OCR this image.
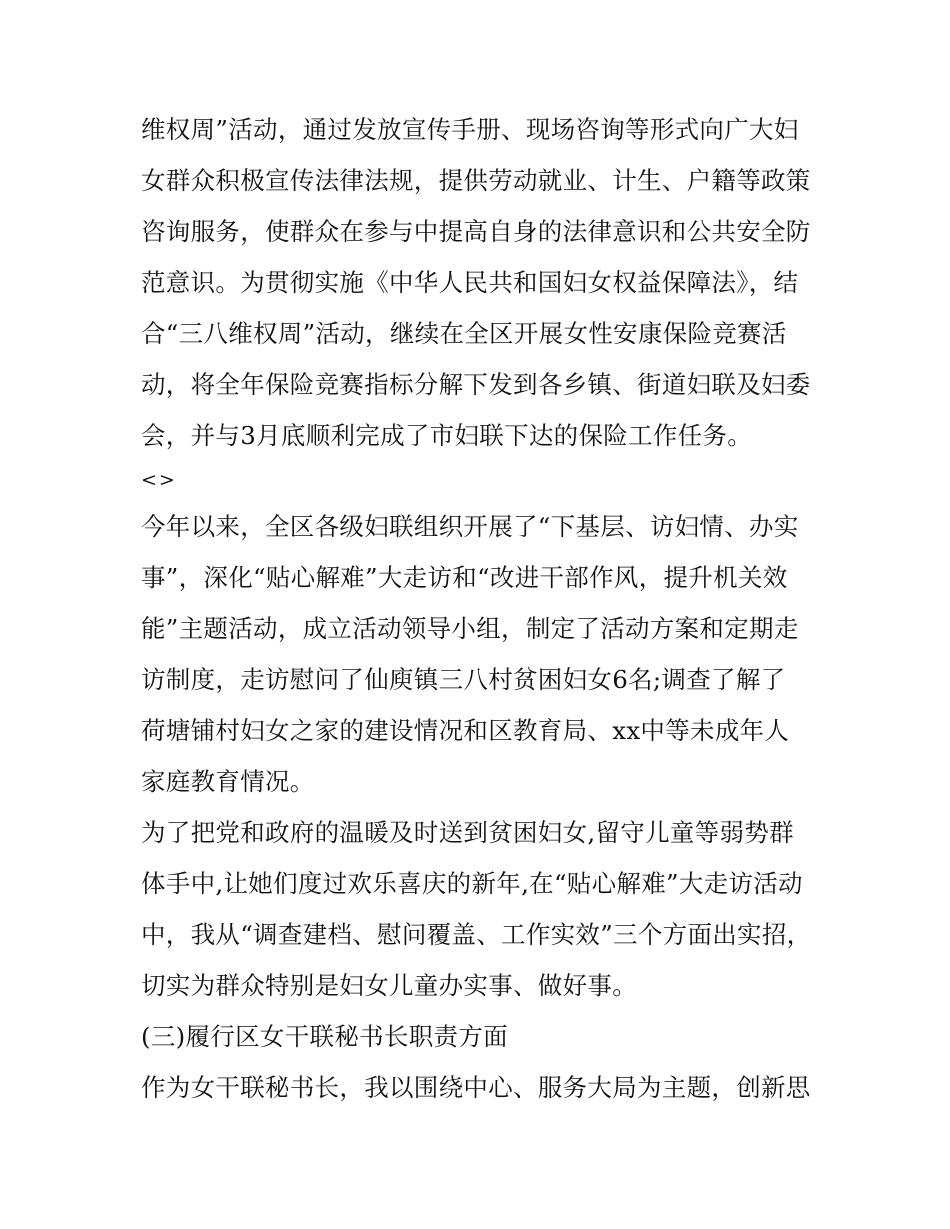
维权周”活动，通过发放宣传手册、现场咨询等形式向广大妇
女群众积极宣传法律法规，提供劳动就业、计生、户籍等政策
咨询服务，使群众在参与中提高自身的法律意识和公共安全防
范意识。为贯彻实施《中华人民共和国妇女权益保障法》，结
合“三八维权周”活动，继续在全区开展女性安康保险竞赛活
动，将全年保险竞赛指标分解下发到各乡镇、街道妇联及妇委
会，并与3月底顺利完成了市妇联下达的保险工作任务。
<>
今年以来，全区各级妇联组织开展了“下基层、访妇情、办实
事”，深化“贴心解难”大走访和“改进干部作风，提升机关效
能”主题活动，成立活动领导小组，制定了活动方案和定期走
访制度，走访慰问了仙庾镇三八村贫困妇女6名;调查了解了
荷塘铺村妇女之家的建设情况和区教育局、xx中等未成年人
家庭教育情况。
为了把党和政府的温暖及时送到贫困妇女,留守儿童等弱势群
体手中,让她们度过欢乐喜庆的新年,在“贴心解难”大走访活动
中，我从“调查建档、慰问覆盖、工作实效”三个方面出实招，
切实为群众特别是妇女儿童办实事、做好事。
(三)履行区女干联秘书长职责方面
作为女干联秘书长，我以围绕中心、服务大局为主题，创新思
